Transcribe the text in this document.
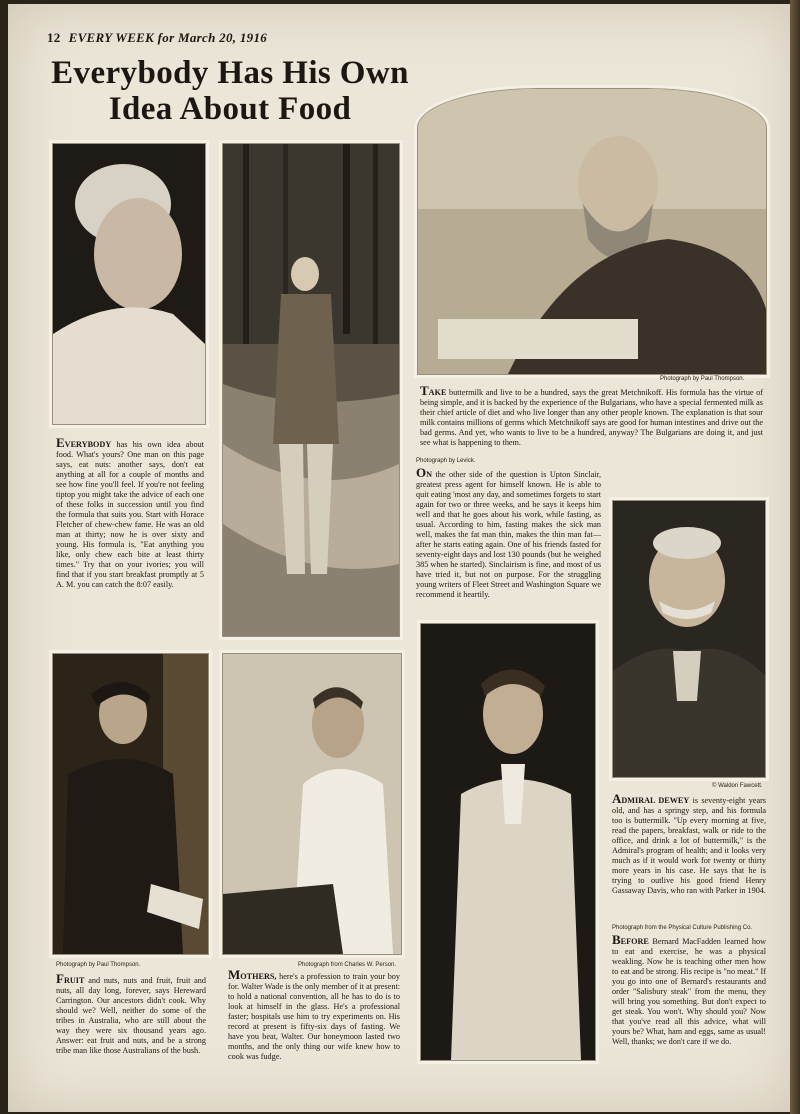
12 EVERY WEEK for March 20, 1916
Everybody Has His Own
Idea About Food
Photograph by Paul Thompson.
TAKE buttermilk and live to be a hundred, says the great Metchnikoff. His formula has the virtue of being simple, and it is backed by the experience of the Bulgarians, who have a special fermented milk as their chief article of diet and who live longer than any other people known. The explanation is that sour milk contains millions of germs which Metchnikoff says are good for human intestines and drive out the bad germs. And yet, who wants to live to be a hundred, anyway? The Bulgarians are doing it, and just see what is happening to them.
EVERYBODY has his own idea about food. What's yours? One man on this page says, eat nuts: another says, don't eat anything at all for a couple of months and see how fine you'll feel. If you're not feeling tiptop you might take the advice of each one of these folks in succession until you find the formula that suits you. Start with Horace Fletcher of chew-chew fame. He was an old man at thirty; now he is over sixty and young. His formula is, "Eat anything you like, only chew each bite at least thirty times." Try that on your ivories; you will find that if you start breakfast promptly at 5 A. M. you can catch the 8:07 easily.
Photograph by Levick.
ON the other side of the question is Upton Sinclair, greatest press agent for himself known. He is able to quit eating 'most any day, and sometimes forgets to start again for two or three weeks, and he says it keeps him well and that he goes about his work, while fasting, as usual. According to him, fasting makes the sick man well, makes the fat man thin, makes the thin man fat—after he starts eating again. One of his friends fasted for seventy-eight days and lost 130 pounds (but he weighed 385 when he started). Sinclairism is fine, and most of us have tried it, but not on purpose. For the struggling young writers of Fleet Street and Washington Square we recommend it heartily.
© Waldon Fawcett.
ADMIRAL DEWEY is seventy-eight years old, and has a springy step, and his formula too is buttermilk. "Up every morning at five, read the papers, breakfast, walk or ride to the office, and drink a lot of buttermilk," is the Admiral's program of health; and it looks very much as if it would work for twenty or thirty more years in his case. He says that he is trying to outlive his good friend Henry Gassaway Davis, who ran with Parker in 1904.
Photograph by Paul Thompson.	Photograph from Charles W. Person.
FRUIT and nuts, nuts and fruit, fruit and nuts, all day long, forever, says Hereward Carrington. Our ancestors didn't cook. Why should we? Well, neither do some of the tribes in Australia, who are still about the way they were six thousand years ago. Answer: eat fruit and nuts, and be a strong tribe man like those Australians of the bush.
MOTHERS, here's a profession to train your boy for. Walter Wade is the only member of it at present: to hold a national convention, all he has to do is to look at himself in the glass. He's a professional faster; hospitals use him to try experiments on. His record at present is fifty-six days of fasting. We have you beat, Walter. Our honeymoon lasted two months, and the only thing our wife knew how to cook was fudge.
Photograph from the Physical Culture Publishing Co.
BEFORE Bernard MacFadden learned how to eat and exercise, he was a physical weakling. Now he is teaching other men how to eat and be strong. His recipe is "no meat." If you go into one of Bernard's restaurants and order "Salisbury steak" from the menu, they will bring you something. But don't expect to get steak. You won't. Why should you? Now that you've read all this advice, what will yours be? What, ham and eggs, same as usual! Well, thanks; we don't care if we do.
